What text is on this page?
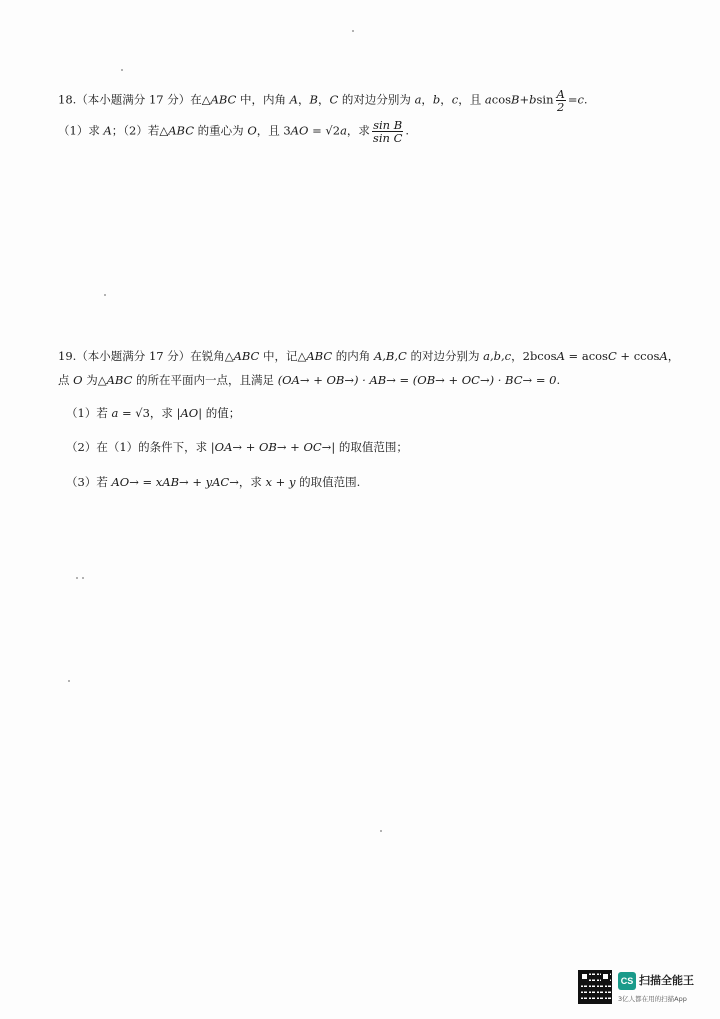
18.（本小题满分 17 分）在△ABC 中，内角 A，B，C 的对边分别为 a，b，c，且 $acosB+bsin \frac{A}{2} =c$.
（1）求 A；（2）若△ABC 的重心为 O，且 3AO = √2a，求 $\frac{\text{sin B}}{\text{sin C}}$ .
19.（本小题满分 17 分）在锐角△ABC 中，记△ABC 的内角 A,B,C 的对边分别为 a,b,c，2bcosA = acosC + ccosA，
点 O 为△ABC 的所在平面内一点，且满足 (OA→ + OB→) · AB→ = (OB→ + OC→) · BC→ = 0.
（1）若 a = √3，求 |AO| 的值；
（2）在（1）的条件下，求 |OA→ + OB→ + OC→| 的取值范围；
（3）若 AO→ = xAB→ + yAC→，求 x + y 的取值范围.
CS 扫描全能王
3亿人都在用的扫描App
